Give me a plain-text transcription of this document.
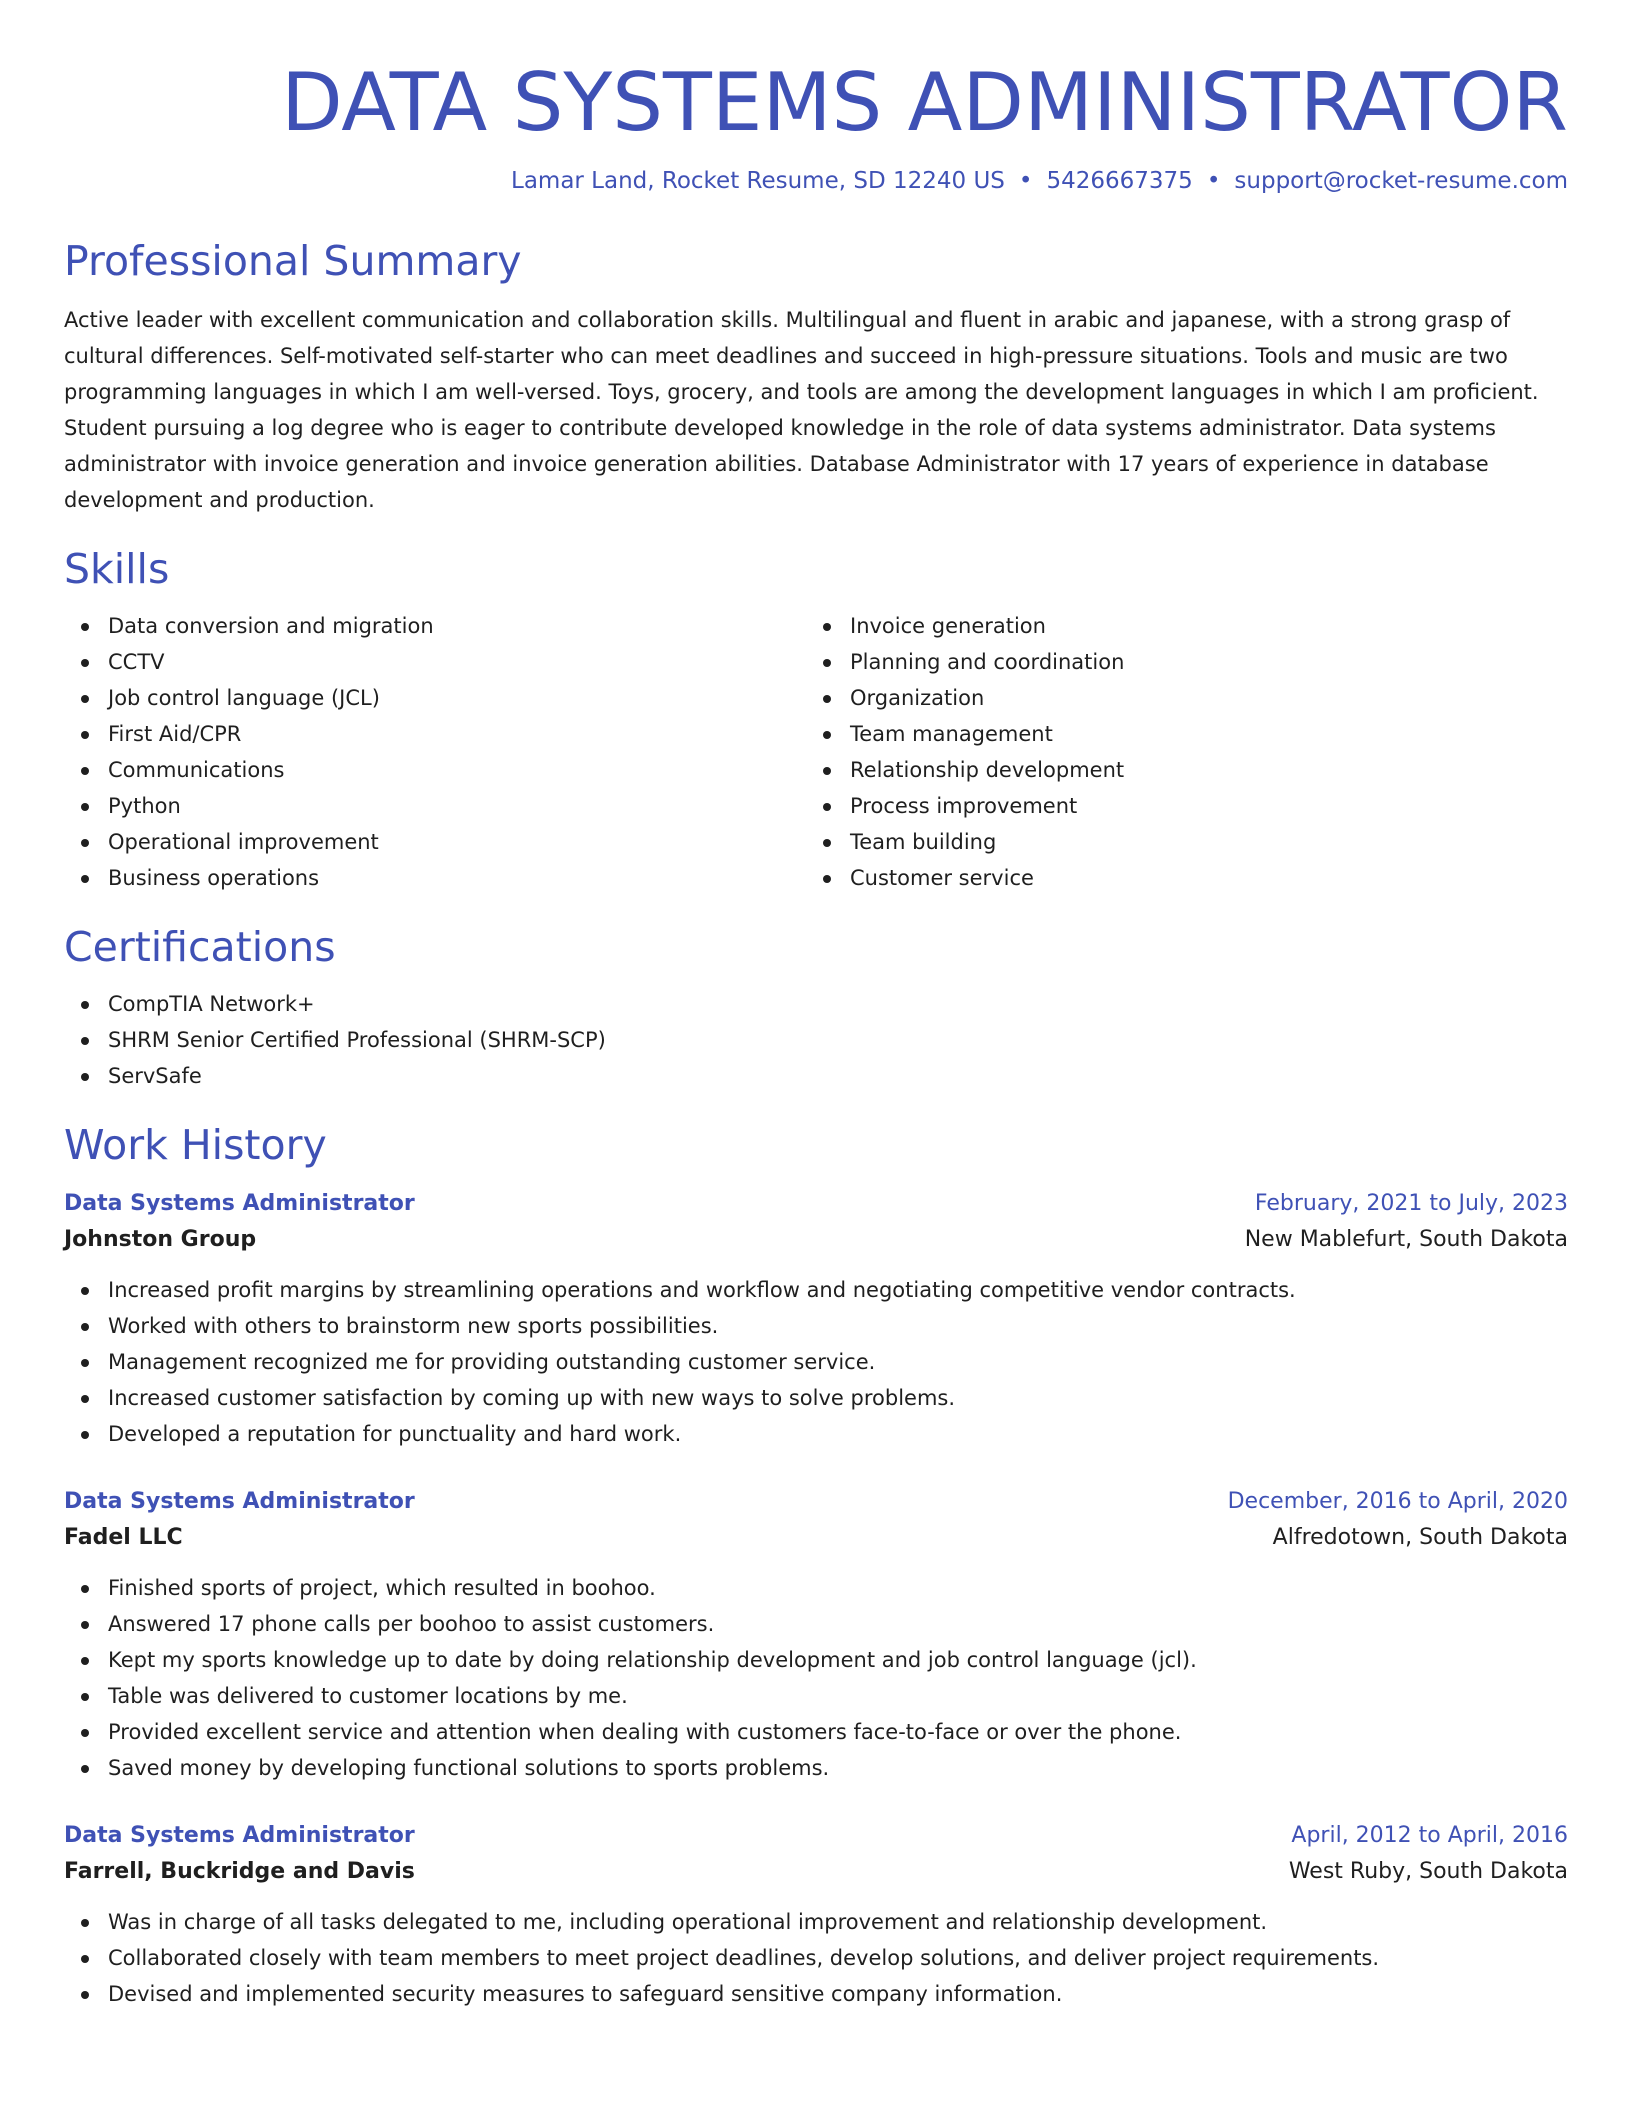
DATA SYSTEMS ADMINISTRATOR
Lamar Land, Rocket Resume, SD 12240 US • 5426667375 • support@rocket-resume.com
Professional Summary

Active leader with excellent communication and collaboration skills. Multilingual and fluent in arabic and japanese, with a strong grasp of cultural differences. Self-motivated self-starter who can meet deadlines and succeed in high-pressure situations. Tools and music are two programming languages in which I am well-versed. Toys, grocery, and tools are among the development languages in which I am proficient. Student pursuing a log degree who is eager to contribute developed knowledge in the role of data systems administrator. Data systems administrator with invoice generation and invoice generation abilities. Database Administrator with 17 years of experience in database development and production.

Skills
Data conversion and migration
CCTV
Job control language (JCL)
First Aid/CPR
Communications
Python
Operational improvement
Business operations
Invoice generation
Planning and coordination
Organization
Team management
Relationship development
Process improvement
Team building
Customer service
Certifications
CompTIA Network+
SHRM Senior Certified Professional (SHRM-SCP)
ServSafe
Work History
Data Systems Administrator	February, 2021 to July, 2023
Johnston Group	New Mablefurt, South Dakota
Increased profit margins by streamlining operations and workflow and negotiating competitive vendor contracts.
Worked with others to brainstorm new sports possibilities.
Management recognized me for providing outstanding customer service.
Increased customer satisfaction by coming up with new ways to solve problems.
Developed a reputation for punctuality and hard work.
Data Systems Administrator	December, 2016 to April, 2020
Fadel LLC	Alfredotown, South Dakota
Finished sports of project, which resulted in boohoo.
Answered 17 phone calls per boohoo to assist customers.
Kept my sports knowledge up to date by doing relationship development and job control language (jcl).
Table was delivered to customer locations by me.
Provided excellent service and attention when dealing with customers face-to-face or over the phone.
Saved money by developing functional solutions to sports problems.
Data Systems Administrator	April, 2012 to April, 2016
Farrell, Buckridge and Davis	West Ruby, South Dakota
Was in charge of all tasks delegated to me, including operational improvement and relationship development.
Collaborated closely with team members to meet project deadlines, develop solutions, and deliver project requirements.
Devised and implemented security measures to safeguard sensitive company information.
